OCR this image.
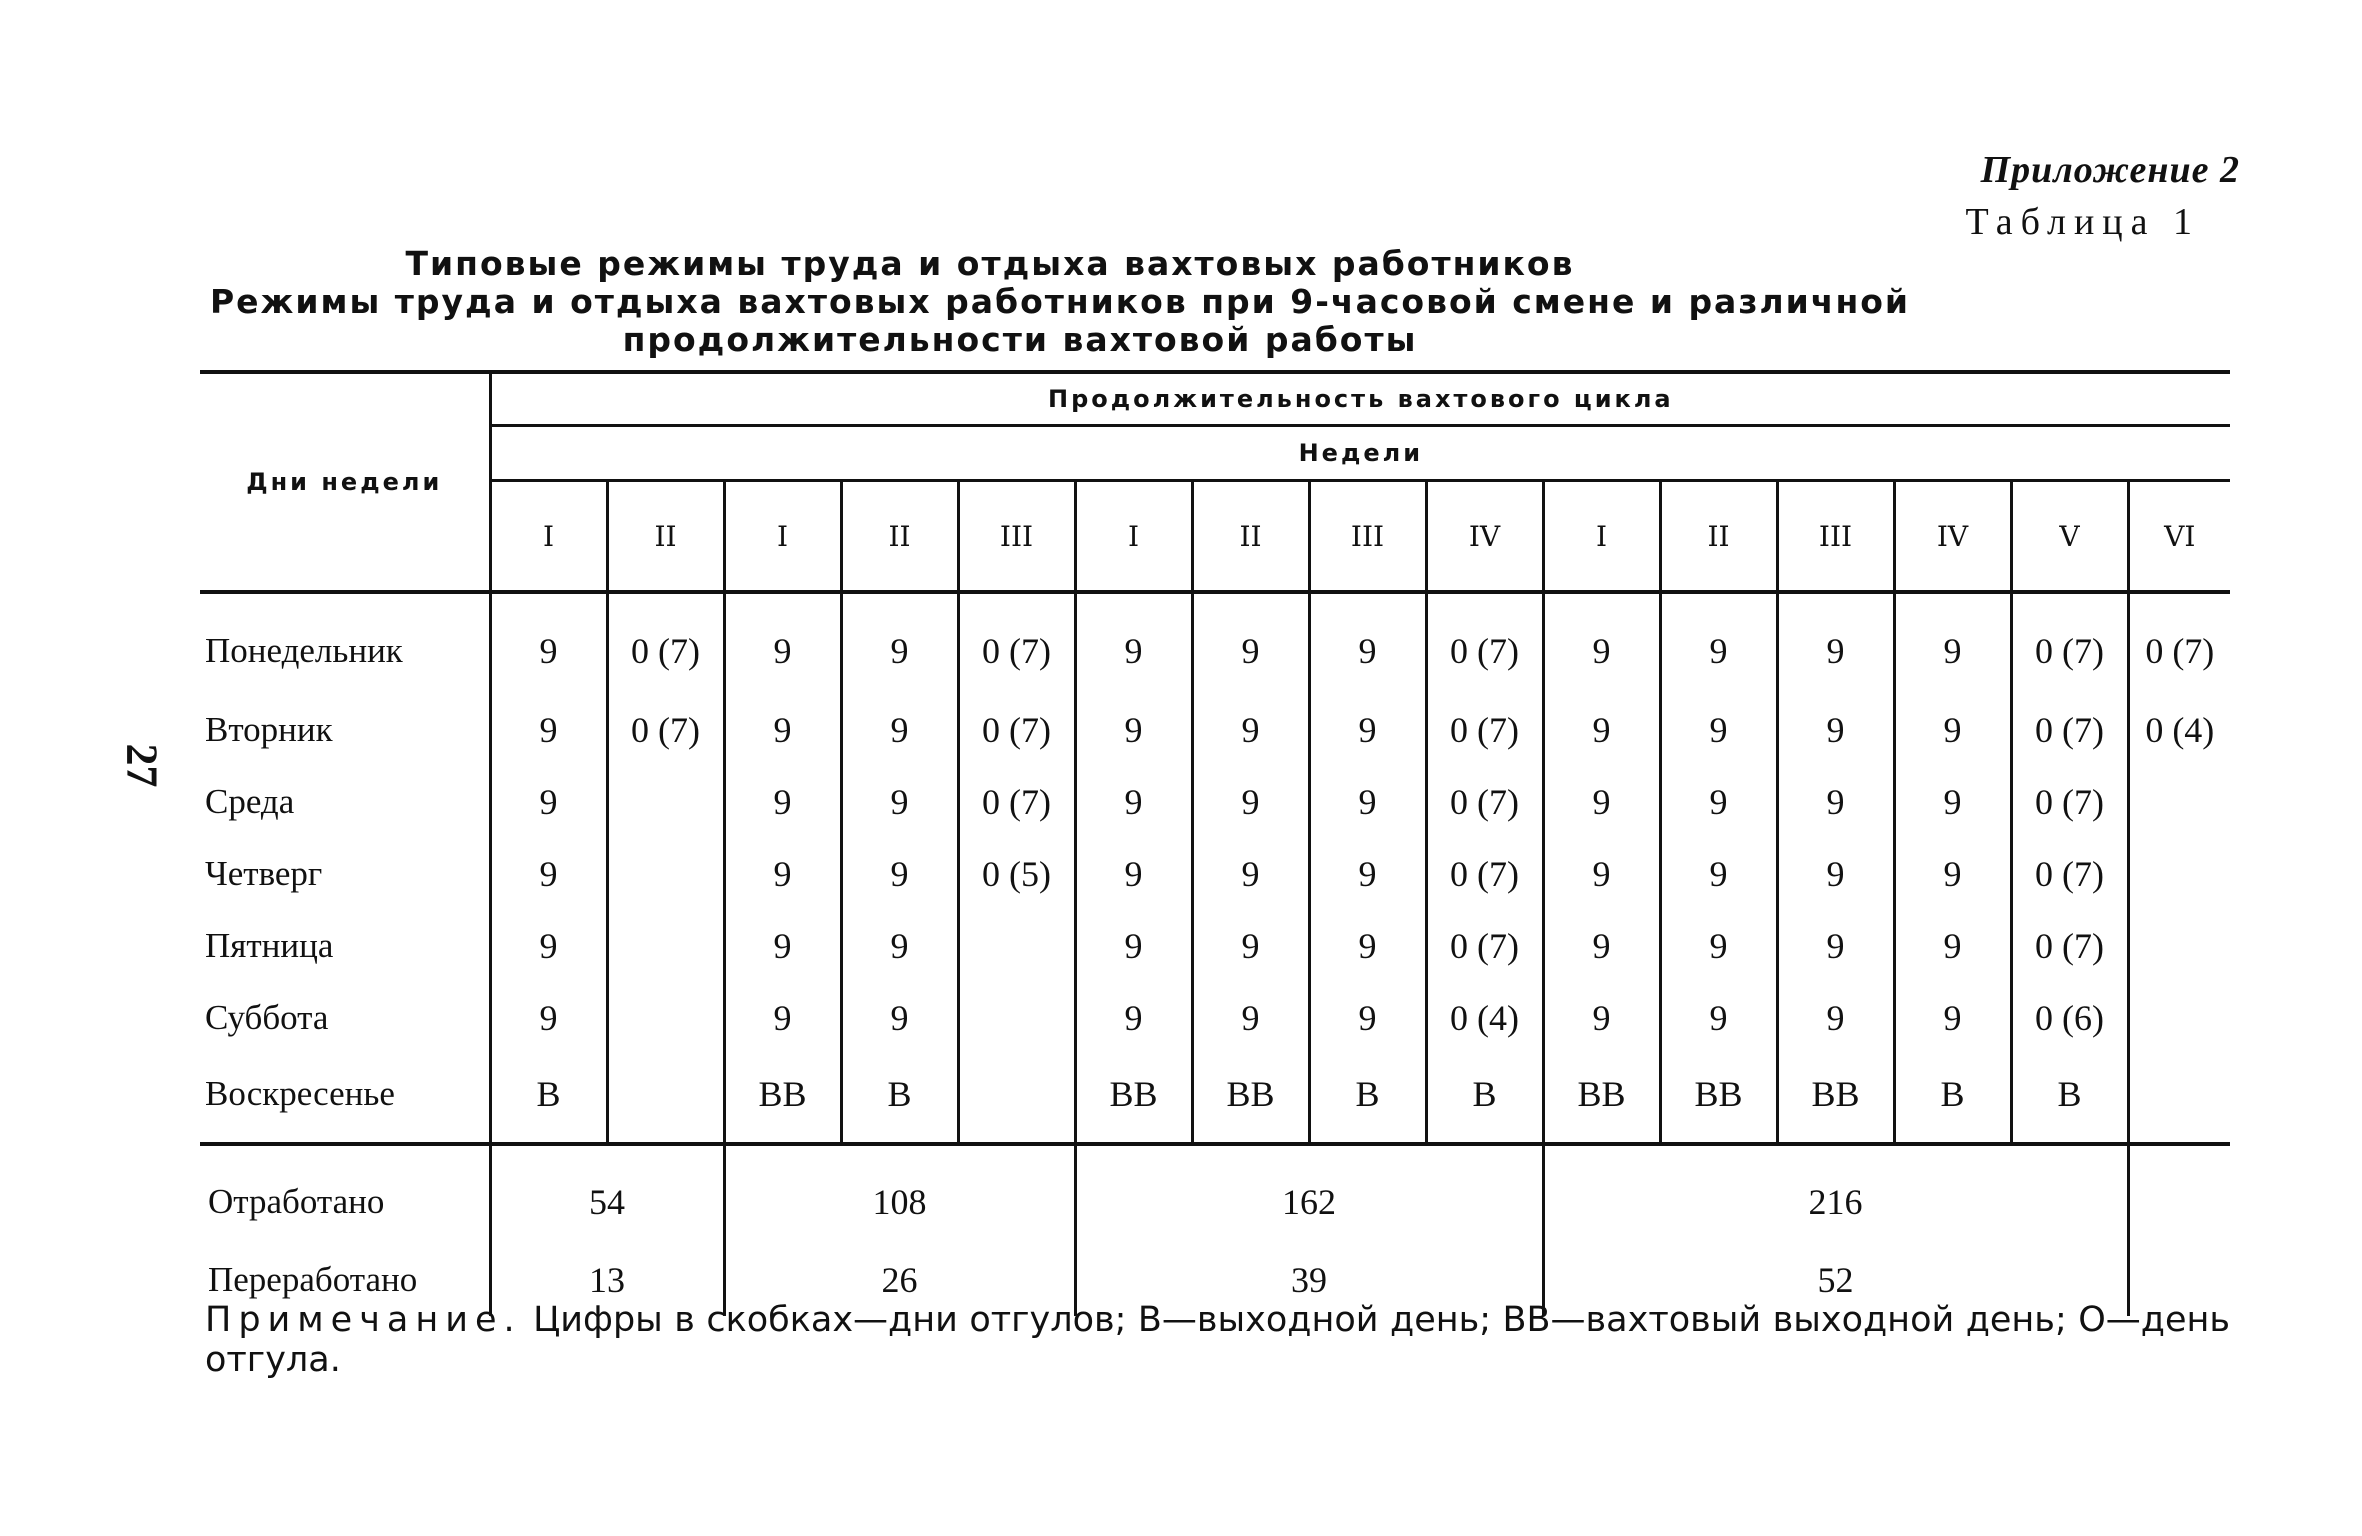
Приложение 2
Таблица 1
27
Типовые режимы труда и отдыха вахтовых работников
Режимы труда и отдыха вахтовых работников при 9-часовой смене и различной
продолжительности вахтовой работы
Дни недели	Продолжительность вахтового цикла														
	Недели														
	I	II	I	II	III	I	II	III	IV	I	II	III	IV	V	VI
Понедельник	9	0 (7)	9	9	0 (7)	9	9	9	0 (7)	9	9	9	9	0 (7)	0 (7)
Вторник	9	0 (7)	9	9	0 (7)	9	9	9	0 (7)	9	9	9	9	0 (7)	0 (4)
Среда	9		9	9	0 (7)	9	9	9	0 (7)	9	9	9	9	0 (7)	
Четверг	9		9	9	0 (5)	9	9	9	0 (7)	9	9	9	9	0 (7)	
Пятница	9		9	9		9	9	9	0 (7)	9	9	9	9	0 (7)	
Суббота	9		9	9		9	9	9	0 (4)	9	9	9	9	0 (6)	
Воскресенье	В		ВВ	В		ВВ	ВВ	В	В	ВВ	ВВ	ВВ	В	В	
Отработано	54		108			162				216					
Переработано	13		26			39				52					
Примечание. Цифры в скобках—дни отгулов; В—выходной день; ВВ—вахтовый выходной день; О—день отгула.
